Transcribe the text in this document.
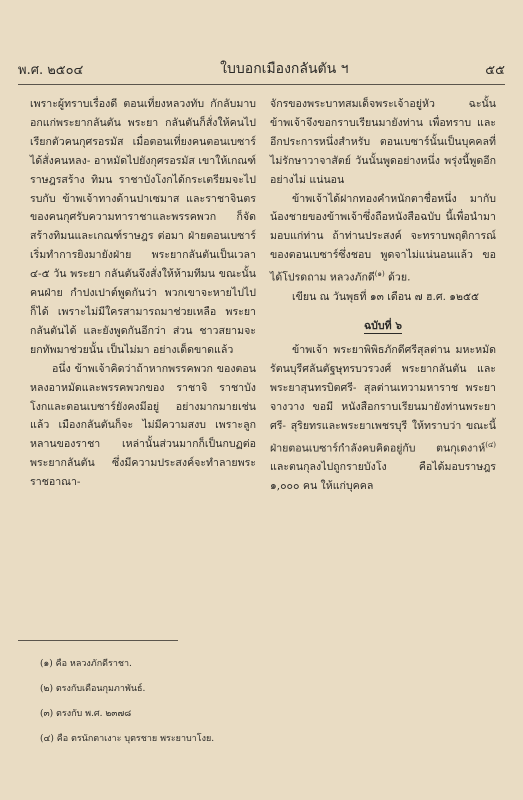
พ.ศ. ๒๕๐๔	ใบบอกเมืองกลันตัน ฯ	๕๕

เพราะผู้ทราบเรื่องดี ตอนเที่ยงหลวงทับ กักลับมาบอกแก่พระยากลันตัน พระยา กลันตันก็สั่งให้คนไปเรียกตัวคนกุศรอรมัส เมื่อตอนเที่ยงคนตอนเบซาร์ได้สั่งคนหลง- อาหมัดไปยังกุศรอรมัส เขาให้เกณฑ์ราษฎรสร้าง ทิมน ราชาบังโงกได้กระเตรียมจะไปรบกับ ข้าพเจ้าทางด้านปาเซมาส และราชาจินตร ของคนกุศรับความทาราชาและพรรคพวก ก็จัดสร้างทิมนและเกณฑ์ราษฎร ต่อมา ฝ่ายตอนเบซาร์เริ่มทำการยิงมายังฝ่าย พระยากลันตันเป็นเวลา ๔-๕ วัน พระยา กลันตันจึงสั่งให้ห้ามทีมน ขณะนั้นคนฝ่าย กำปงเปาต์พูดกันว่า พวกเขาจะหายไปไป ก็ได้ เพราะไม่มีใครสามารถมาช่วยเหลือ พระยากลันตันได้ และยังพูดกันอีกว่า ส่วน ชาวสยามจะยกทัพมาช่วยนั้น เป็นไม่มา อย่างเด็ดขาดแล้ว

อนึ่ง ข้าพเจ้าคิดว่าถ้าหากพรรคพวก ของตอนหลงอาหมัดและพรรคพวกของ ราชาจิ ราชาบังโงกและตอนเบซาร์ยังคงมีอยู่ อย่างมากมายเช่นแล้ว เมืองกลันตันก็จะ ไม่มีความสงบ เพราะลูกหลานของราชา เหล่านั้นส่วนมากก็เป็นกบฏต่อพระยากลันตัน ซึ่งมีความประสงค์จะทำลายพระราชอาณา-

จักรของพระบาทสมเด็จพระเจ้าอยู่หัว ฉะนั้นข้าพเจ้าจึงขอกราบเรียนมายังท่าน เพื่อทราบ และอีกประการหนึ่งสำหรับ ตอนเบซาร์นั้นเป็นบุคคลที่ไม่รักษาวาจาสัตย์ วันนั้นพูดอย่างหนึ่ง พรุ่งนี้พูดอีกอย่างไม่ แน่นอน

ข้าพเจ้าได้ฝากทองคำหนักตาชื่อหนึ่ง มากับน้องชายของข้าพเจ้าซึ่งถือหนังสือฉบับ นี้เพื่อนำมามอบแก่ท่าน ถ้าท่านประสงค์ จะทราบพฤติการณ์ของตอนเบซาร์ซึ่งชอบ พูดจาไม่แน่นอนแล้ว ขอได้โปรดถาม หลวงภักดี$^{(๑)}$ ด้วย.

เขียน ณ วันพุธที่ ๑๓ เดือน ๗ ฮ.ศ. ๑๒๕๕

ฉบับที่ ๖

ข้าพเจ้า พระยาพิพิธภักดีศรีสุลต่าน มหะหมัด รัตนบุรีศลันตัฐษุทรบวรวงศ์ พระยากลันตัน และพระยาสุนทรบิตศรี- สุลต่านเทวามหาราช พระยาจางวาง ขอมี หนังสือกราบเรียนมายังท่านพระยาศรี- สุริยทรและพระยาเพชรบุรี ให้ทราบว่า ขณะนี้ฝ่ายตอนเบซาร์กำลังคบคิดอยู่กับ ตนกุเดงาห์$^{(๔)}$ และตนกุลงไปถูกรายบังโง คือได้มอบราษฎร ๑,๐๐๐ คน ให้แก่บุคคล

(๑) คือ หลวงภักดีราชา.
(๒) ตรงกับเดือนกุมภาพันธ์.
(๓) ตรงกับ พ.ศ. ๒๓๗๘
(๔) คือ ตรนักตาเงาะ บุตรชาย พระยาบาโงย.
